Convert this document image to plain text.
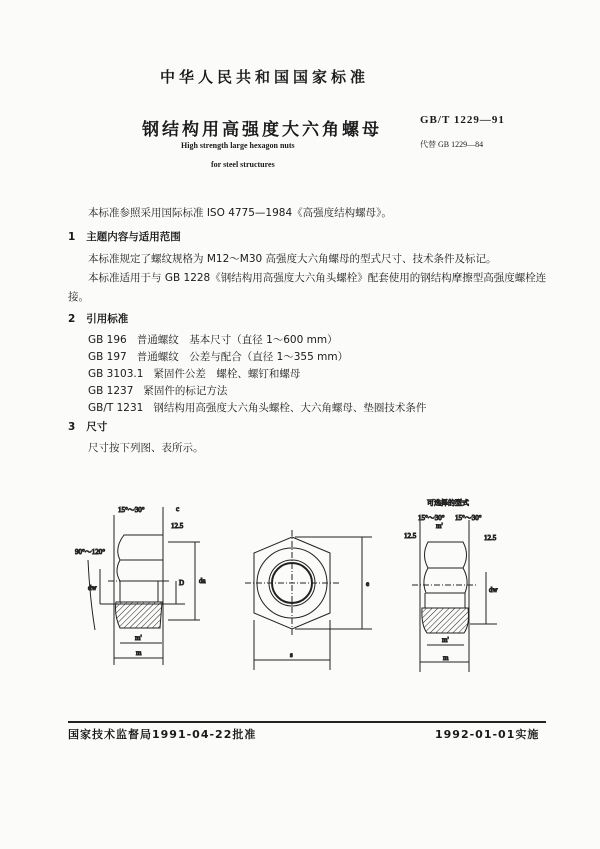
中华人民共和国国家标准
钢结构用高强度大六角螺母	GB/T 1229—91
High strength large hexagon nuts
for steel structures
代替 GB 1229—84
本标准参照采用国际标准 ISO 4775—1984《高强度结构螺母》。
1 主题内容与适用范围
本标准规定了螺纹规格为 M12～M30 高强度大六角螺母的型式尺寸、技术条件及标记。
本标准适用于与 GB 1228《钢结构用高强度大六角头螺栓》配套使用的钢结构摩擦型高强度螺栓连
接。
2 引用标准
GB 196 普通螺纹　基本尺寸（直径 1～600 mm）
GB 197 普通螺纹　公差与配合（直径 1～355 mm）
GB 3103.1 紧固件公差　螺栓、螺钉和螺母
GB 1237 紧固件的标记方法
GB/T 1231 钢结构用高强度大六角头螺栓、大六角螺母、垫圈技术条件
3 尺寸
尺寸按下列图、表所示。
15°～30°	c
12.5
90°～120°
dw
D da
m'
m	s
e
可选择的型式
15°～30° 15°～30°
m'
12.5	12.5
dw
m'
m
国家技术监督局1991-04-22批准	1992-01-01实施
